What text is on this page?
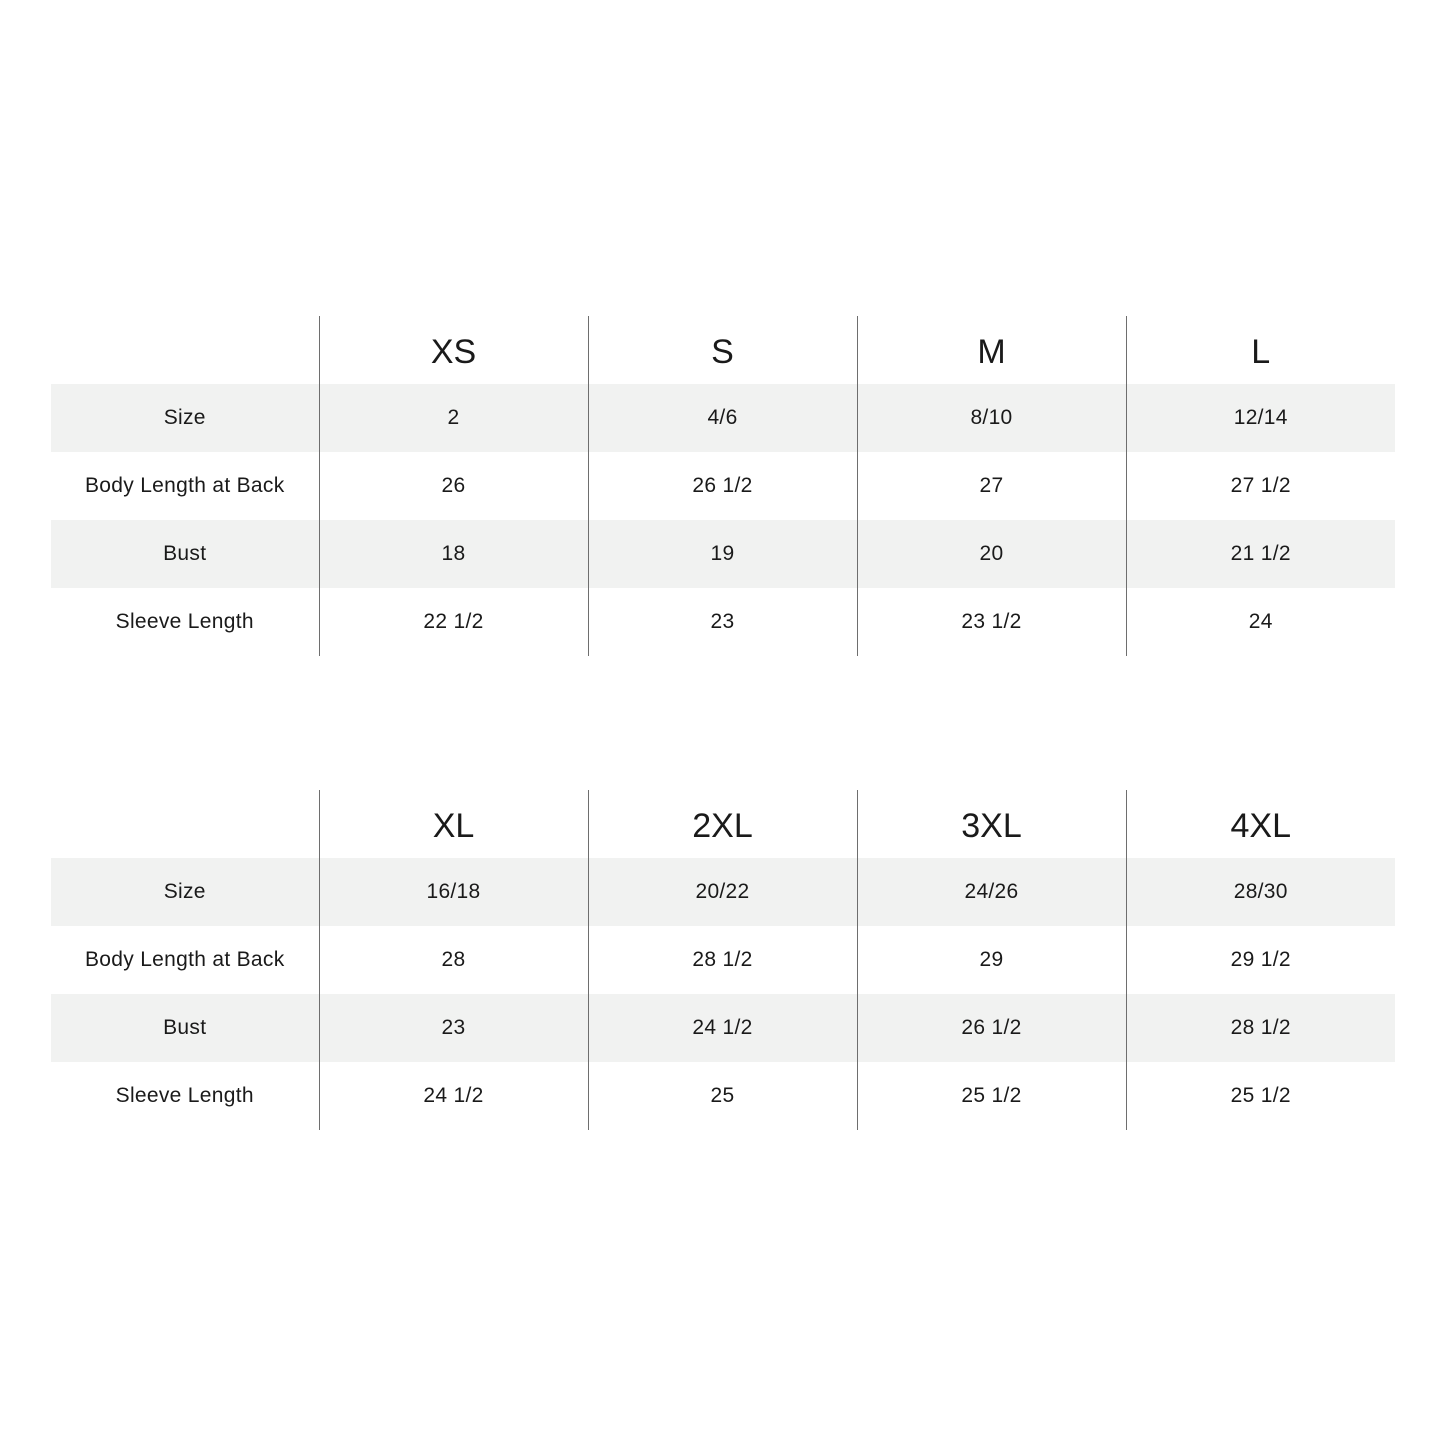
	XS	S	M	L
Size	2	4/6	8/10	12/14
Body Length at Back	26	26 1/2	27	27 1/2
Bust	18	19	20	21 1/2
Sleeve Length	22 1/2	23	23 1/2	24
	XL	2XL	3XL	4XL
Size	16/18	20/22	24/26	28/30
Body Length at Back	28	28 1/2	29	29 1/2
Bust	23	24 1/2	26 1/2	28 1/2
Sleeve Length	24 1/2	25	25 1/2	25 1/2
